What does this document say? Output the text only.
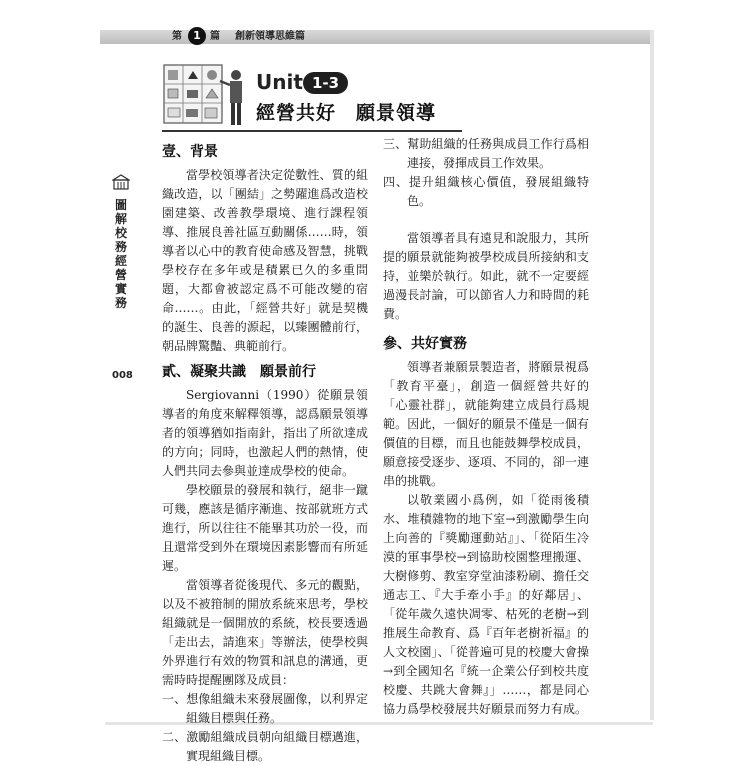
第	1 篇 創新領導思維篇
Unit 1-3
經營共好　願景領導
圖解校務經營實務
008
壹、背景

當學校領導者決定從數性、質的組織改造，以「團結」之勢躍進爲改造校園建築、改善教學環境、進行課程領導、推展良善社區互動關係……時，領導者以心中的教育使命感及智慧，挑戰學校存在多年或是積累已久的多重問題，大都會被認定爲不可能改變的宿命……。由此，「經營共好」就是契機的誕生、良善的源起，以臻團體前行，朝品牌驚豔、典範前行。

貳、凝聚共識　願景前行

Sergiovanni（1990）從願景領導者的角度來解釋領導，認爲願景領導者的領導猶如指南針，指出了所欲達成的方向；同時，也激起人們的熱情，使人們共同去參與並達成學校的使命。

學校願景的發展和執行，絕非一蹴可幾，應該是循序漸進、按部就班方式進行，所以往往不能畢其功於一役，而且還常受到外在環境因素影響而有所延遲。

當領導者從後現代、多元的觀點，以及不被箝制的開放系統來思考，學校組織就是一個開放的系統，校長要透過「走出去，請進來」等辦法，使學校與外界進行有效的物質和訊息的溝通，更需時時提醒團隊及成員：

一、想像組織未來發展圖像，以利界定組織目標與任務。

二、激勵組織成員朝向組織目標邁進，實現組織目標。

三、幫助組織的任務與成員工作行爲相連接，發揮成員工作效果。

四、提升組織核心價值，發展組織特色。

當領導者具有遠見和說服力，其所提的願景就能夠被學校成員所接納和支持，並樂於執行。如此，就不一定要經過漫長討論，可以節省人力和時間的耗費。

參、共好實務

領導者兼願景製造者，將願景視爲「教育平臺」，創造一個經營共好的「心靈社群」，就能夠建立成員行爲規範。因此，一個好的願景不僅是一個有價值的目標，而且也能鼓舞學校成員，願意接受逐步、逐項、不同的，卻一連串的挑戰。

以敬業國小爲例，如「從雨後積水、堆積雜物的地下室→到激勵學生向上向善的『獎勵運動站』」、「從陌生冷漠的軍事學校→到協助校園整理搬運、大樹修剪、教室穿堂油漆粉刷、擔任交通志工、『大手牽小手』的好鄰居」、「從年歲久遠快凋零、枯死的老樹→到推展生命教育、爲『百年老樹祈福』的人文校園」、「從普遍可見的校慶大會操→到全國知名『統一企業公仔到校共度校慶、共跳大會舞』」……，都是同心協力爲學校發展共好願景而努力有成。
